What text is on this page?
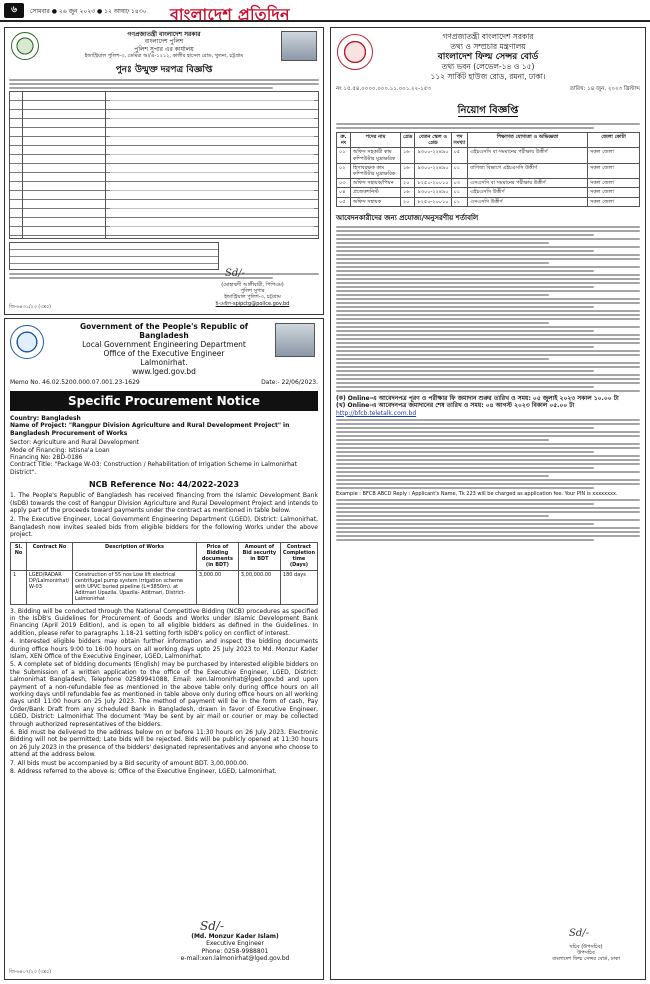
৬	সোমবার ● ২৬ জুন ২০২৩ ● ১২ আষাঢ় ১৪৩০ বাংলাদেশ প্রতিদিন
গণপ্রজাতন্ত্রী বাংলাদেশ সরকার
বাংলাদেশ পুলিশ
পুলিশ সুপার এর কার্যালয়
ইন্ডাস্ট্রিয়াল পুলিশ-৩, ডেমিরা আ/এ-১২১২, কালীর হাসেল রোড, খুলনা, চট্টগ্রাম
পুনঃ উন্মুক্ত দরপত্র বিজ্ঞপ্তি
Sd/-
(মোহাম্মদী আলীবারী, পিপিএম)
পুলিশ সুপার
ইন্ডাস্ট্রিয়াল পুলিশ-৩, চট্টগ্রাম
ই-মেইল-spipctg@police.gov.bd
জি-৬৪৩১/২৩ (৩x৫)
Government of the People's Republic of Bangladesh
Local Government Engineering Department
Office of the Executive Engineer
Lalmonirhat.
www.lged.gov.bd
Memo No. 46.02.5200.000.07.001.23-1629	Date:- 22/06/2023.
Specific Procurement Notice
Country: Bangladesh
Name of Project: "Rangpur Division Agriculture and Rural Development Project" in Bangladesh Procurement of Works
Sector: Agriculture and Rural Development
Mode of Financing: Istisna'a Loan
Financing No: 2BD-0186
Contract Title: "Package W-03: Construction / Rehabilitation of Irrigation Scheme in Lalmonirhat District".
NCB Reference No: 44/2022-2023
1. The People's Republic of Bangladesh has received financing from the Islamic Development Bank (IsDB) towards the cost of Rangpur Division Agriculture and Rural Development Project and intends to apply part of the proceeds toward payments under the contract as mentioned in table below.
2. The Executive Engineer, Local Government Engineering Department (LGED), District: Lalmonirhat, Bangladesh now invites sealed bids from eligible bidders for the following Works under the above project.
Sl. No	Contract No	Description of Works	Price of Bidding documents (in BDT)	Amount of Bid security in BDT	Contract Completion time (Days)
1	LGED/RADAR DP/Lalmonirhat/ W-03	Construction of 55 nos Low lift electrical centrifugal pump system irrigation scheme with UPVC buried pipeline (L=3850m). at Aditmari Upazila. Upazila- Aditmari, District- Lalmonirhat	3,000.00	3,00,000.00	180 days
3. Bidding will be conducted through the National Competitive Bidding (NCB) procedures as specified in the IsDB's Guidelines for Procurement of Goods and Works under Islamic Development Bank Financing (April 2019 Edition), and is open to all eligible bidders as defined in the Guidelines. In addition, please refer to paragraphs 1.18-21 setting forth IsDB's policy on conflict of interest.
4. Interested eligible bidders may obtain further information and inspect the bidding documents during office hours 9:00 to 16:00 hours on all working days upto 25 July 2023 to Md. Monzur Kader Islam, XEN Office of the Executive Engineer, LGED, Lalmonirhat.
5. A complete set of bidding documents (English) may be purchased by interested eligible bidders on the Submission of a written application to the office of the Executive Engineer, LGED, District: Lalmonirhat Bangladesh, Telephone 02589941088, Email: xen.lalmonirhat@lged.gov.bd and upon payment of a non-refundable fee as mentioned in the above table only during office hours on all working days until refundable fee as mentioned in table above only during office hours on all working days until 11:00 hours on 25 July 2023. The method of payment will be in the form of cash, Pay Order/Bank Draft from any scheduled Bank in Bangladesh, drawn in favor of Executive Engineer, LGED, District: Lalmonirhat The document 'May be sent by air mail or courier or may be collected through authorized representatives of the bidders.
6. Bid must be delivered to the address below on or before 11:30 hours on 26 July 2023. Electronic Bidding will not be permitted; Late bids will be rejected. Bids will be publicly opened at 11:30 hours on 26 July 2023 in the presence of the bidders' designated representatives and anyone who choose to attend at the address below.
7. All bids must be accompanied by a Bid security of amount BDT. 3,00,000.00.
8. Address referred to the above is: Office of the Executive Engineer, LGED, Lalmonirhat.
Sd/-
(Md. Monzur Kader Islam)
Executive Engineer
Phone: 0258-9988801
e-mail:xen.lalmonirhat@lged.gov.bd
জি-৬৪০৭/২৩ (৩x৫)
গণপ্রজাতন্ত্রী বাংলাদেশ সরকার
তথ্য ও সম্প্রচার মন্ত্রণালয়
বাংলাদেশ ফিল্ম সেন্সর বোর্ড
তথ্য ভবন (লেভেল-১৪ ও ১৫)
১১২ সার্কিট হাউজ রোড, রমনা, ঢাকা।
নং ১৫.৫৪.০০০০.০০০.১১.০০১.২২-১৫৩	তারিখ: ১৪ জুন, ২০২৩ খ্রিস্টাব্দ
নিয়োগ বিজ্ঞপ্তি
ক্র. নং	পদের নাম	গ্রেড	বেতন স্কেল ও গ্রেড	পদ সংখ্যা	শিক্ষাগত যোগ্যতা ও অভিজ্ঞতা	জেলা কোটা
০১	অফিস সহকারী কাম কম্পিউটার মুদ্রাক্ষরিক	১৬	৯৩০০-২২৪৯০	০৫	এইচএসসি বা সমমানের পরীক্ষায় উত্তীর্ণ	সকল জেলা
০২	হিসাবরক্ষক কাম কম্পিউটার মুদ্রাক্ষরিক	১৬	৯৩০০-২২৪৯০	০১	বাণিজ্য বিভাগে এইচএসসি উত্তীর্ণ	সকল জেলা
০৩	অফিস সহায়ক/পিয়ন	২০	৮২৫০-২০০১০	০৩	এসএসসি বা সমমানের পরীক্ষায় উত্তীর্ণ	সকল জেলা
০৪	প্রজেকশনিস্ট	১৬	৯৩০০-২২৪৯০	০১	এইচএসসি উত্তীর্ণ	সকল জেলা
০৫	অফিস সহায়ক	২০	৮২৫০-২০০১০	০১	এসএসসি উত্তীর্ণ	সকল জেলা
আবেদনকারীদের জন্য প্রযোজ্য/অনুসরণীয় শর্তাবলি
(ক) Online-এ আবেদনপত্র পূরণ ও পরীক্ষার ফি জমাদান শুরুর তারিখ ও সময়: ০৫ জুলাই ২০২৩ সকাল ১০.০০ টা
(খ) Online-এ আবেদনপত্র জমাদানের শেষ তারিখ ও সময়: ০৪ আগস্ট ২০২৩ বিকাল ০৫.০০ টা
http://bfcb.teletalk.com.bd
Example : BFCB ABCD Reply : Applicant's Name, Tk 223 will be charged as application fee. Your PIN is xxxxxxxx.
Sd/-
সচিব (উপসচিব)
উপসচিব
বাংলাদেশ ফিল্ম সেন্সর বোর্ড, ঢাকা
